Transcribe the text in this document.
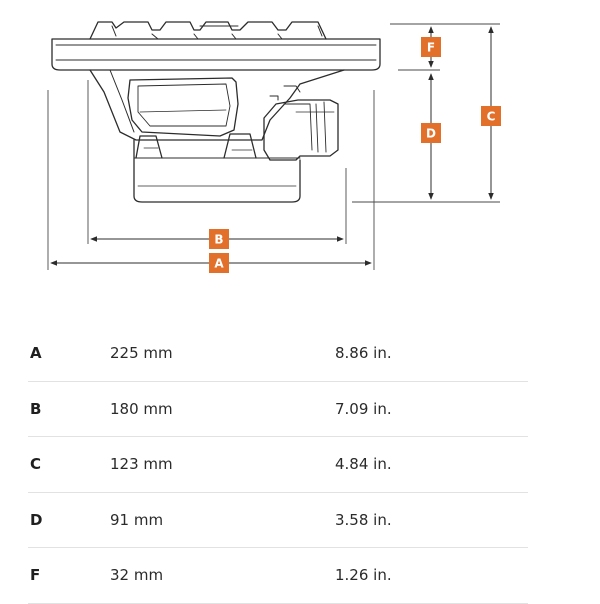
F
D
C
B
A
A	225 mm	8.86 in.
B	180 mm	7.09 in.
C	123 mm	4.84 in.
D	91 mm	3.58 in.
F	32 mm	1.26 in.
